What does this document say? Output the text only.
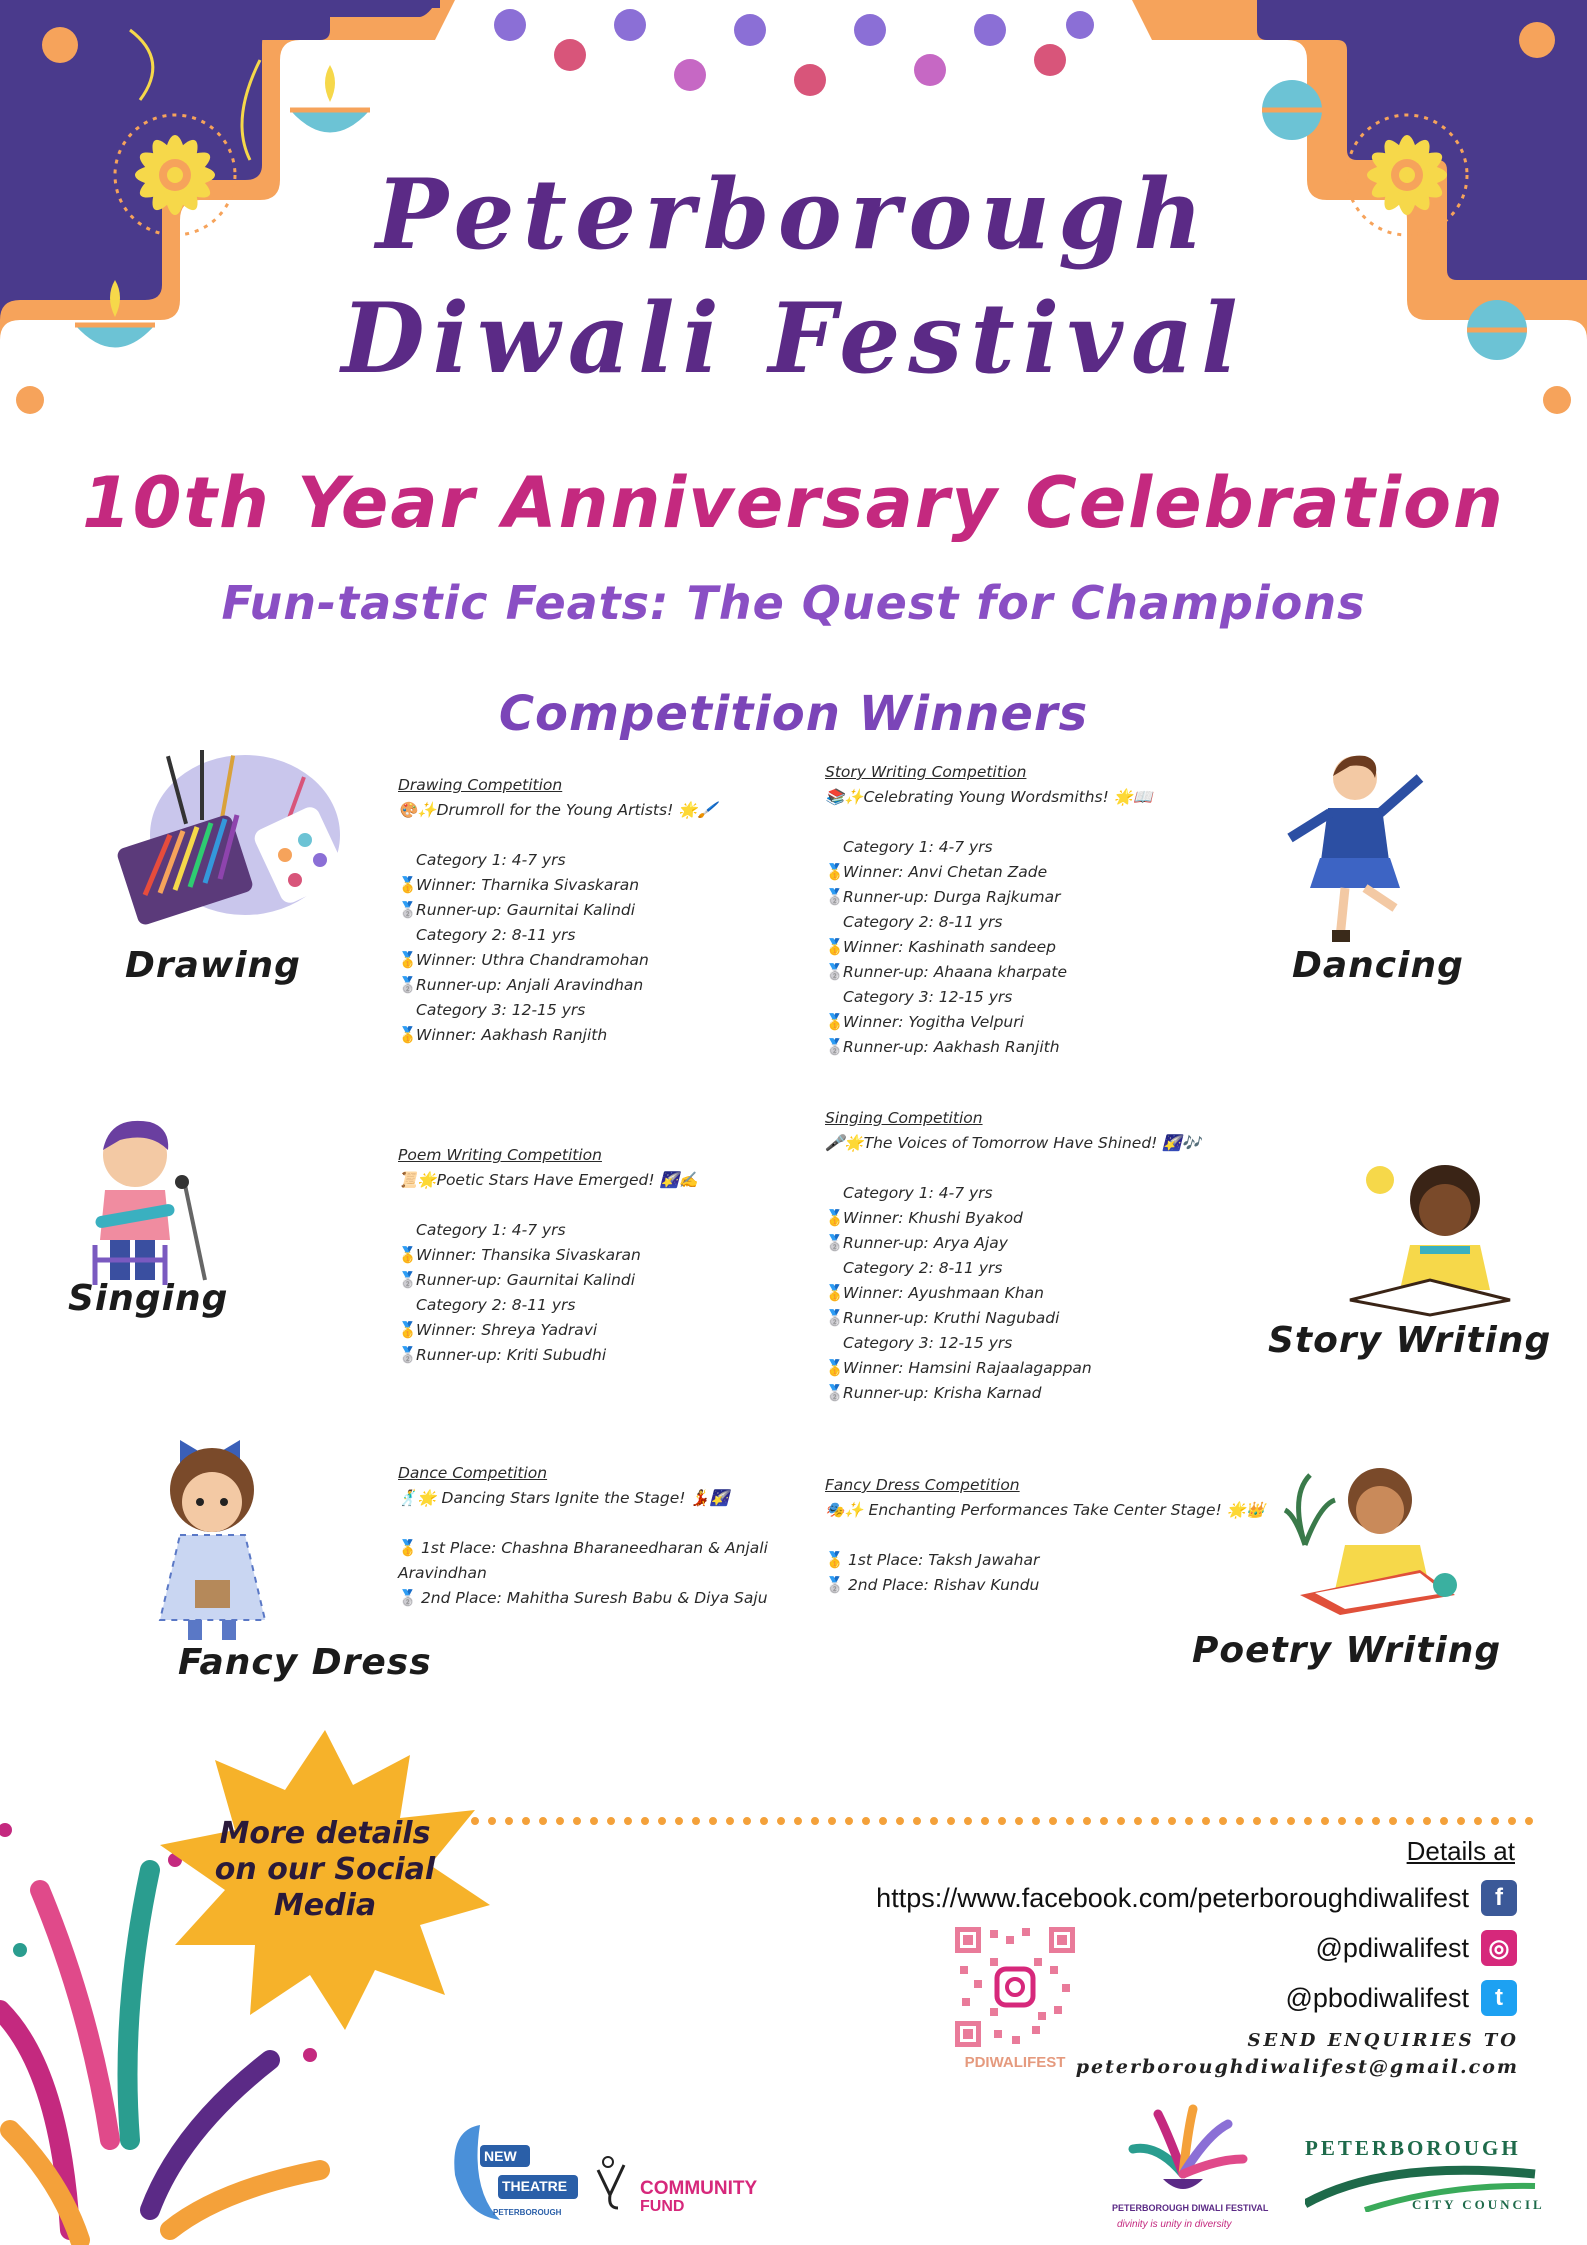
Peterborough
Diwali Festival
10th Year Anniversary Celebration
Fun-tastic Feats: The Quest for Champions
Competition Winners
Drawing	Dancing
Singing
Story Writing
Fancy Dress	Poetry Writing
Drawing Competition
🎨✨Drumroll for the Young Artists! 🌟🖌️
Category 1: 4-7 yrs
🥇Winner: Tharnika Sivaskaran
🥈Runner-up: Gaurnitai Kalindi
Category 2: 8-11 yrs
🥇Winner: Uthra Chandramohan
🥈Runner-up: Anjali Aravindhan
Category 3: 12-15 yrs
🥇Winner: Aakhash Ranjith
Story Writing Competition
📚✨Celebrating Young Wordsmiths! 🌟📖
Category 1: 4-7 yrs
🥇Winner: Anvi Chetan Zade
🥈Runner-up: Durga Rajkumar
Category 2: 8-11 yrs
🥇Winner: Kashinath sandeep
🥈Runner-up: Ahaana kharpate
Category 3: 12-15 yrs
🥇Winner: Yogitha Velpuri
🥈Runner-up: Aakhash Ranjith
Poem Writing Competition
📜🌟Poetic Stars Have Emerged! 🌠✍️
Category 1: 4-7 yrs
🥇Winner: Thansika Sivaskaran
🥈Runner-up: Gaurnitai Kalindi
Category 2: 8-11 yrs
🥇Winner: Shreya Yadravi
🥈Runner-up: Kriti Subudhi
Singing Competition
🎤🌟The Voices of Tomorrow Have Shined! 🌠🎶
Category 1: 4-7 yrs
🥇Winner: Khushi Byakod
🥈Runner-up: Arya Ajay
Category 2: 8-11 yrs
🥇Winner: Ayushmaan Khan
🥈Runner-up: Kruthi Nagubadi
Category 3: 12-15 yrs
🥇Winner: Hamsini Rajaalagappan
🥈Runner-up: Krisha Karnad
Dance Competition
🕺🌟 Dancing Stars Ignite the Stage! 💃🌠
🥇 1st Place: Chashna Bharaneedharan & Anjali Aravindhan
🥈 2nd Place: Mahitha Suresh Babu & Diya Saju
Fancy Dress Competition
🎭✨ Enchanting Performances Take Center Stage! 🌟👑
🥇 1st Place: Taksh Jawahar
🥈 2nd Place: Rishav Kundu
More details on our Social Media
Details at
https://www.facebook.com/peterboroughdiwalifest	f
@pdiwalifest ◎
@pbodiwalifest	t
SEND ENQUIRIES TO
peterboroughdiwalifest@gmail.com
PDIWALIFEST
NEW
THEATRE
PETERBOROUGH
COMMUNITY
FUND	PETERBOROUGH DIWALI FESTIVAL
divinity is unity in diversity
PETERBOROUGH
CITY COUNCIL
